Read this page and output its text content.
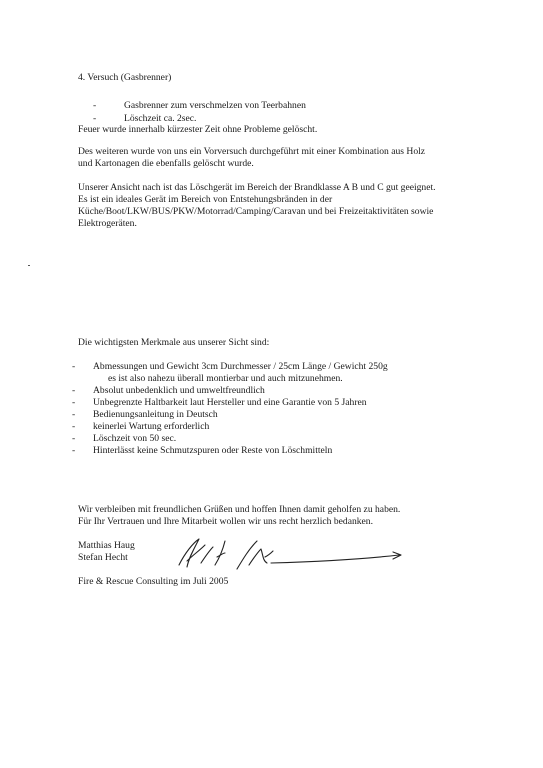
4. Versuch (Gasbrenner)
-	Gasbrenner zum verschmelzen von Teerbahnen
-	Löschzeit ca. 2sec.
Feuer wurde innerhalb kürzester Zeit ohne Probleme gelöscht.
Des weiteren wurde von uns ein Vorversuch durchgeführt mit einer Kombination aus Holz
und Kartonagen die ebenfalls gelöscht wurde.
Unserer Ansicht nach ist das Löschgerät im Bereich der Brandklasse A B und C gut geeignet.
Es ist ein ideales Gerät im Bereich von Entstehungsbränden in der
Küche/Boot/LKW/BUS/PKW/Motorrad/Camping/Caravan und bei Freizeitaktivitäten sowie
Elektrogeräten.
Die wichtigsten Merkmale aus unserer Sicht sind:
- Abmessungen und Gewicht 3cm Durchmesser / 25cm Länge / Gewicht 250g
es ist also nahezu überall montierbar und auch mitzunehmen.
- Absolut unbedenklich und umweltfreundlich
- Unbegrenzte Haltbarkeit laut Hersteller und eine Garantie von 5 Jahren
- Bedienungsanleitung in Deutsch
- keinerlei Wartung erforderlich
- Löschzeit von 50 sec.
- Hinterlässt keine Schmutzspuren oder Reste von Löschmitteln
Wir verbleiben mit freundlichen Grüßen und hoffen Ihnen damit geholfen zu haben.
Für Ihr Vertrauen und Ihre Mitarbeit wollen wir uns recht herzlich bedanken.
Matthias Haug
Stefan Hecht
Fire & Rescue Consulting im Juli 2005
